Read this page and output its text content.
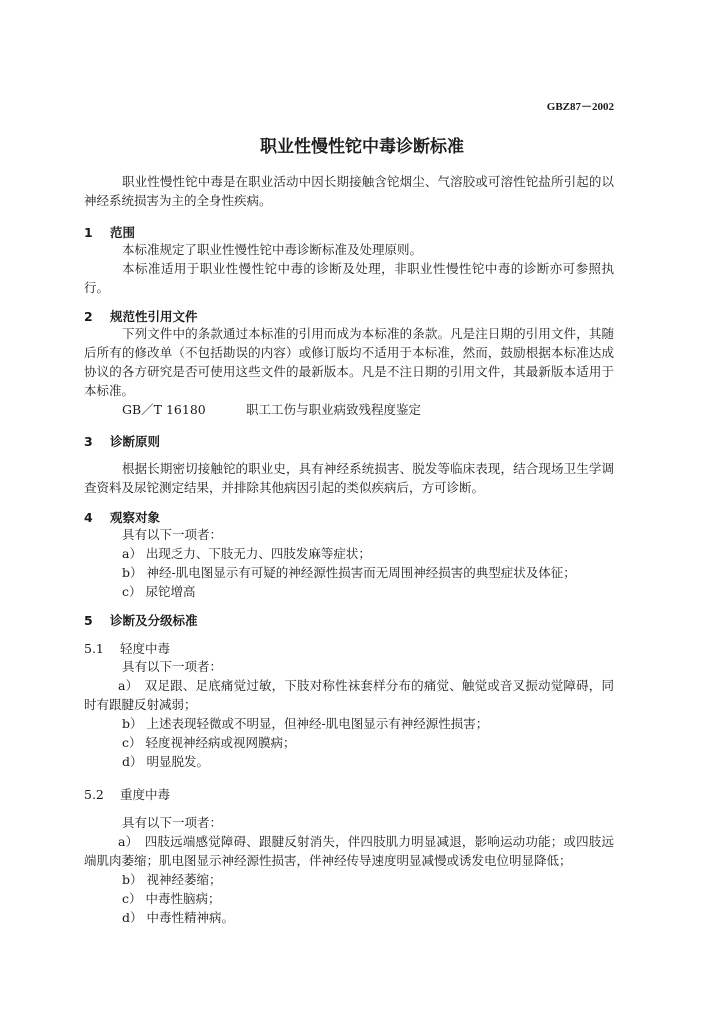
GBZ87－2002
职业性慢性铊中毒诊断标准
职业性慢性铊中毒是在职业活动中因长期接触含铊烟尘、气溶胶或可溶性铊盐所引起的以神经系统损害为主的全身性疾病。
1 范围

本标准规定了职业性慢性铊中毒诊断标准及处理原则。

本标准适用于职业性慢性铊中毒的诊断及处理，非职业性慢性铊中毒的诊断亦可参照执行。

2 规范性引用文件

下列文件中的条款通过本标准的引用而成为本标准的条款。凡是注日期的引用文件，其随后所有的修改单（不包括勘误的内容）或修订版均不适用于本标准，然而，鼓励根据本标准达成协议的各方研究是否可使用这些文件的最新版本。凡是不注日期的引用文件，其最新版本适用于本标准。

GB／T 16180	职工工伤与职业病致残程度鉴定

3 诊断原则

根据长期密切接触铊的职业史，具有神经系统损害、脱发等临床表现，结合现场卫生学调查资料及尿铊测定结果，并排除其他病因引起的类似疾病后，方可诊断。

4 观察对象

具有以下一项者：

a） 出现乏力、下肢无力、四肢发麻等症状；

b） 神经-肌电图显示有可疑的神经源性损害而无周围神经损害的典型症状及体征；

c） 尿铊增高

5 诊断及分级标准
5.1 轻度中毒

具有以下一项者：

a）　双足跟、足底痛觉过敏，下肢对称性袜套样分布的痛觉、触觉或音叉振动觉障碍，同时有跟腱反射减弱；

b） 上述表现轻微或不明显，但神经-肌电图显示有神经源性损害；

c） 轻度视神经病或视网膜病；

d） 明显脱发。

5.2 重度中毒

具有以下一项者：

a）　四肢远端感觉障碍、跟腱反射消失，伴四肢肌力明显减退，影响运动功能；或四肢远端肌肉萎缩；肌电图显示神经源性损害，伴神经传导速度明显减慢或诱发电位明显降低；

b） 视神经萎缩；

c） 中毒性脑病；

d） 中毒性精神病。
